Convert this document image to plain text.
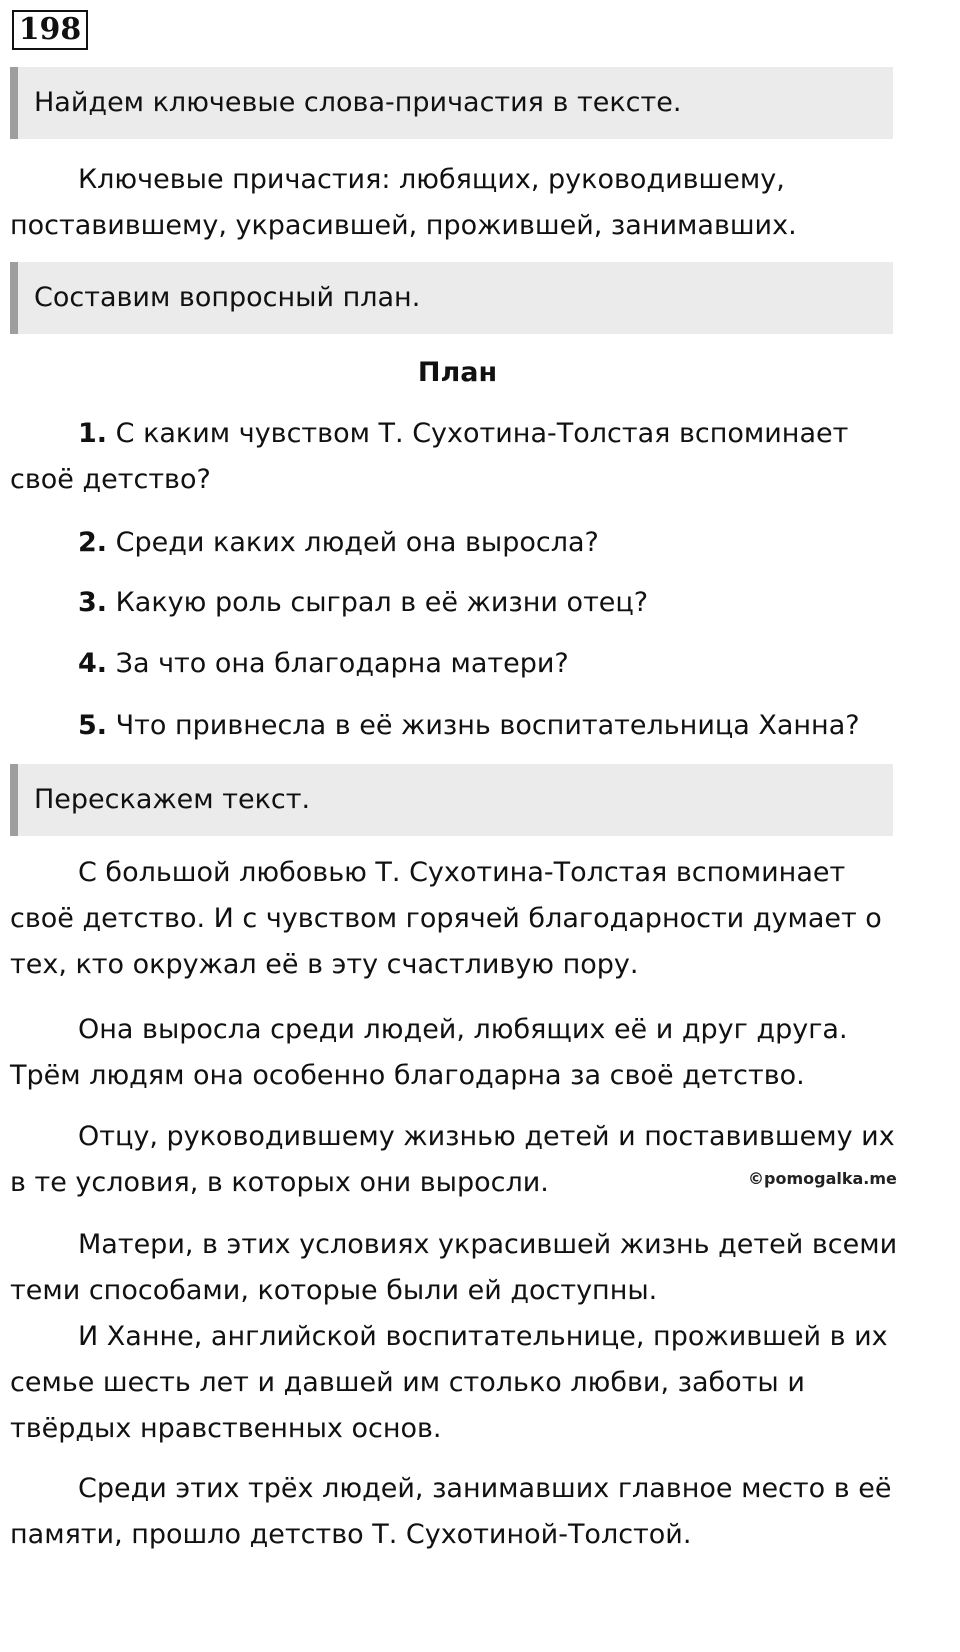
198
Найдем ключевые слова-причастия в тексте.

Ключевые причастия: любящих, руководившему, поставившему, украсившей, прожившей, занимавших.

Составим вопросный план.
План
1. С каким чувством Т. Сухотина-Толстая вспоминает своё детство?
2. Среди каких людей она выросла?
3. Какую роль сыграл в её жизни отец?
4. За что она благодарна матери?
5. Что привнесла в её жизнь воспитательница Ханна?
Перескажем текст.

С большой любовью Т. Сухотина-Толстая вспоминает своё детство. И с чувством горячей благодарности думает о тех, кто окружал её в эту счастливую пору.

Она выросла среди людей, любящих её и друг друга. Трём людям она особенно благодарна за своё детство.

Отцу, руководившему жизнью детей и поставившему их в те условия, в которых они выросли.	©pomogalka.me

Матери, в этих условиях украсившей жизнь детей всеми теми способами, которые были ей доступны.

И Ханне, английской воспитательнице, прожившей в их семье шесть лет и давшей им столько любви, заботы и твёрдых нравственных основ.

Среди этих трёх людей, занимавших главное место в её памяти, прошло детство Т. Сухотиной-Толстой.
